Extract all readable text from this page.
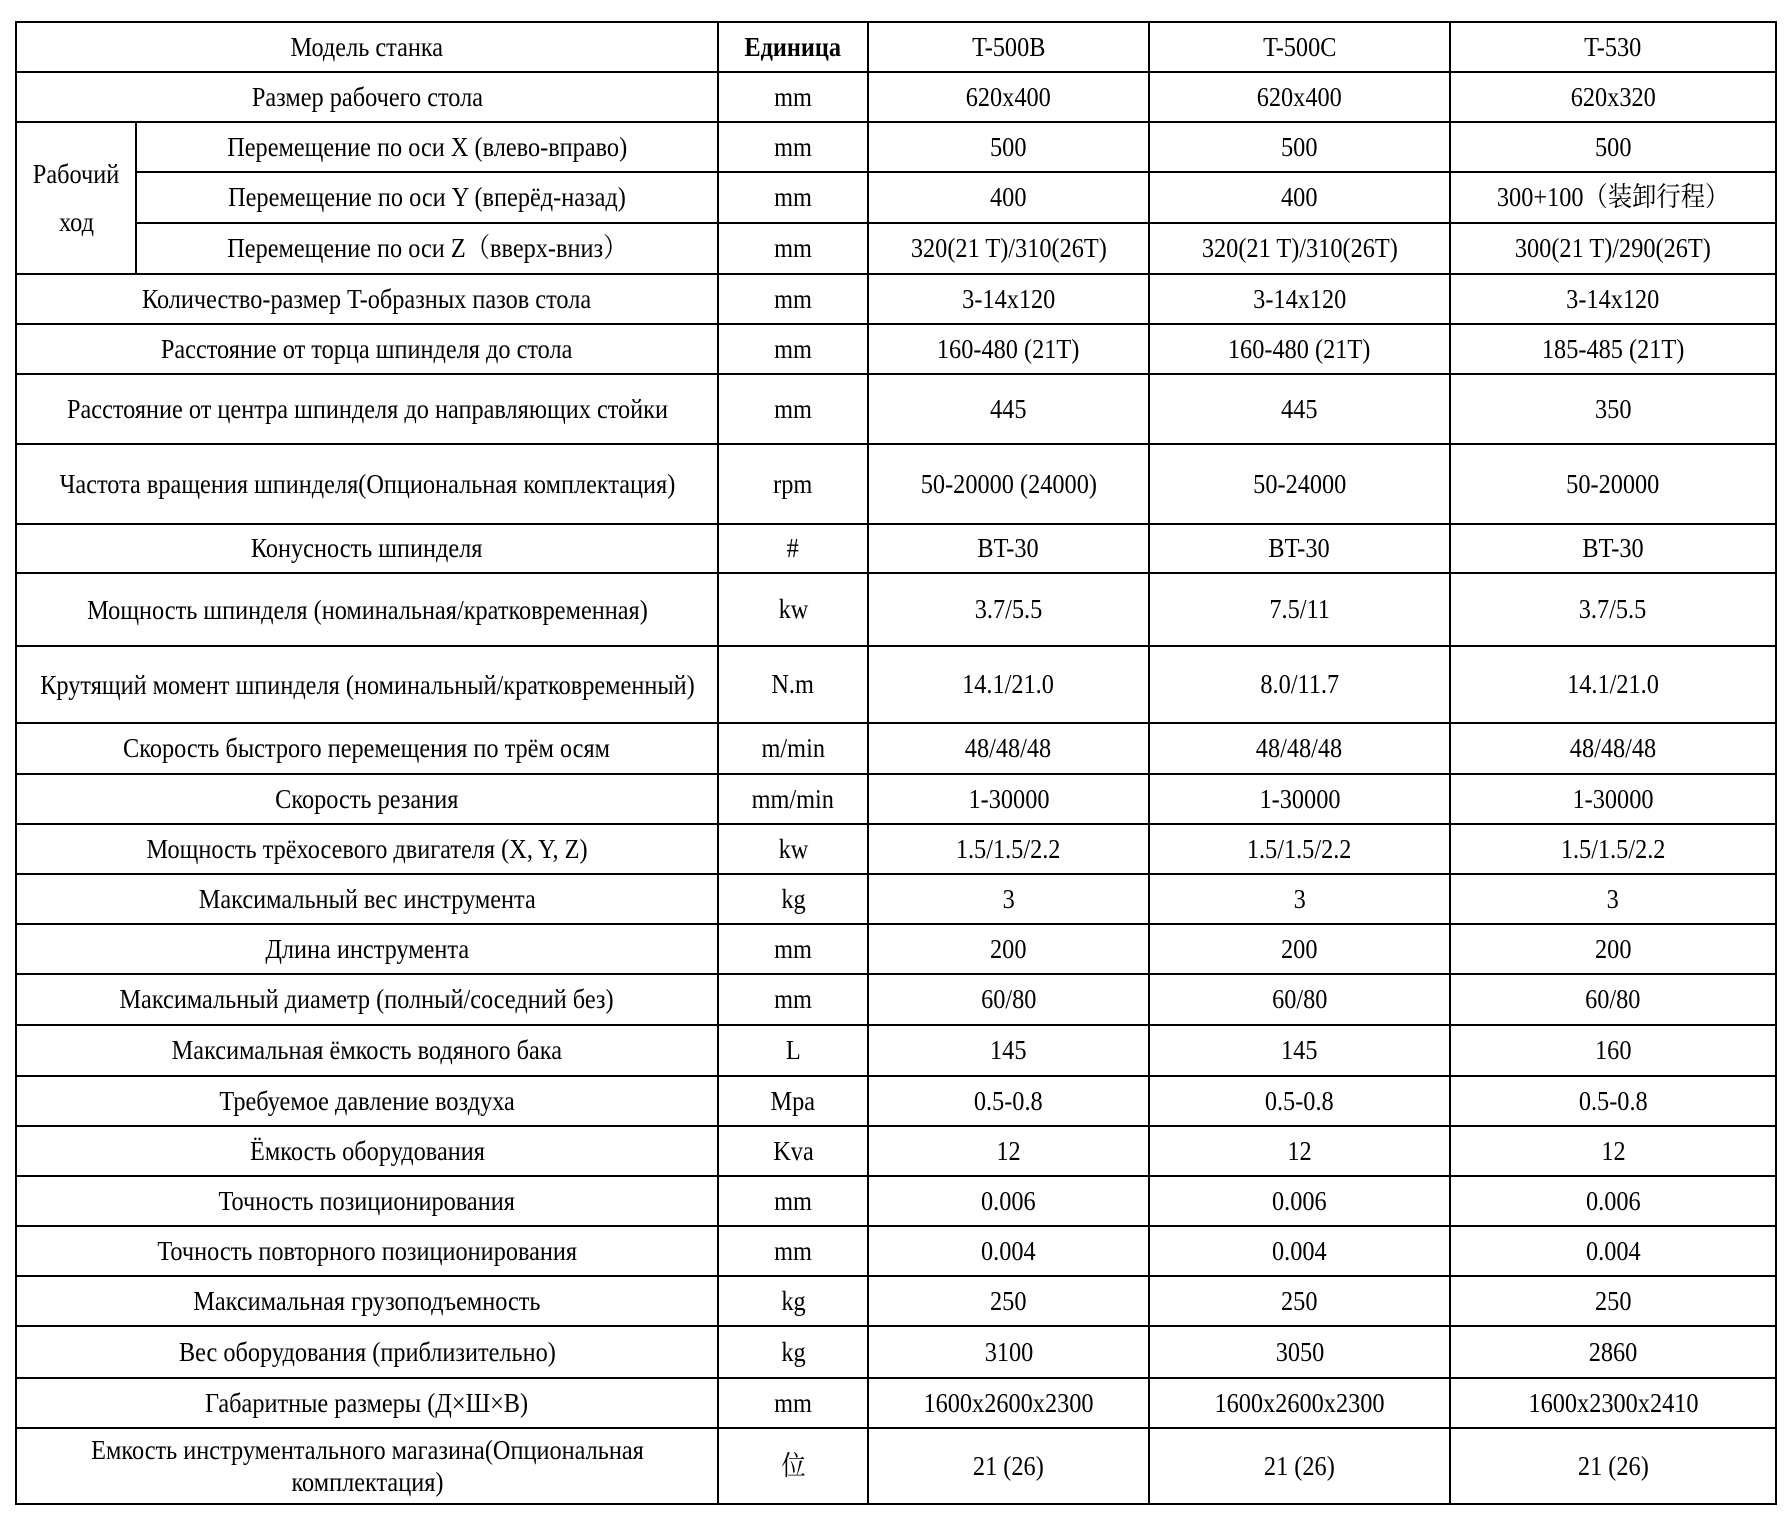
Модель станка		Единица	T-500B	T-500C	T-530
Размер рабочего стола		mm	620x400	620x400	620x320
Рабочий
ход	Перемещение по оси X (влево-вправо)	mm	500	500	500
	Перемещение по оси Y (вперёд-назад)	mm	400	400	300+100（装卸行程）
	Перемещение по оси Z（вверх-вниз）	mm	320(21 T)/310(26T)	320(21 T)/310(26T)	300(21 T)/290(26T)
Количество-размер T-образных пазов стола		mm	3-14x120	3-14x120	3-14x120
Расстояние от торца шпинделя до стола		mm	160-480 (21T)	160-480 (21T)	185-485 (21T)
Расстояние от центра шпинделя до направляющих стойки		mm	445	445	350
Частота вращения шпинделя(Опциональная комплектация)		rpm	50-20000 (24000)	50-24000	50-20000
Конусность шпинделя		#	BT-30	BT-30	BT-30
Мощность шпинделя (номинальная/кратковременная)		kw	3.7/5.5	7.5/11	3.7/5.5
Крутящий момент шпинделя (номинальный/кратковременный)		N.m	14.1/21.0	8.0/11.7	14.1/21.0
Скорость быстрого перемещения по трём осям		m/min	48/48/48	48/48/48	48/48/48
Скорость резания		mm/min	1-30000	1-30000	1-30000
Мощность трёхосевого двигателя (X, Y, Z)		kw	1.5/1.5/2.2	1.5/1.5/2.2	1.5/1.5/2.2
Максимальный вес инструмента		kg	3	3	3
Длина инструмента		mm	200	200	200
Максимальный диаметр (полный/соседний без)		mm	60/80	60/80	60/80
Максимальная ёмкость водяного бака		L	145	145	160
Требуемое давление воздуха		Mpa	0.5-0.8	0.5-0.8	0.5-0.8
Ёмкость оборудования		Kva	12	12	12
Точность позиционирования		mm	0.006	0.006	0.006
Точность повторного позиционирования		mm	0.004	0.004	0.004
Максимальная грузоподъемность		kg	250	250	250
Вес оборудования (приблизительно)		kg	3100	3050	2860
Габаритные размеры (Д×Ш×В)		mm	1600x2600x2300	1600x2600x2300	1600x2300x2410
Емкость инструментального магазина(Опциональная комплектация)		位	21 (26)	21 (26)	21 (26)
